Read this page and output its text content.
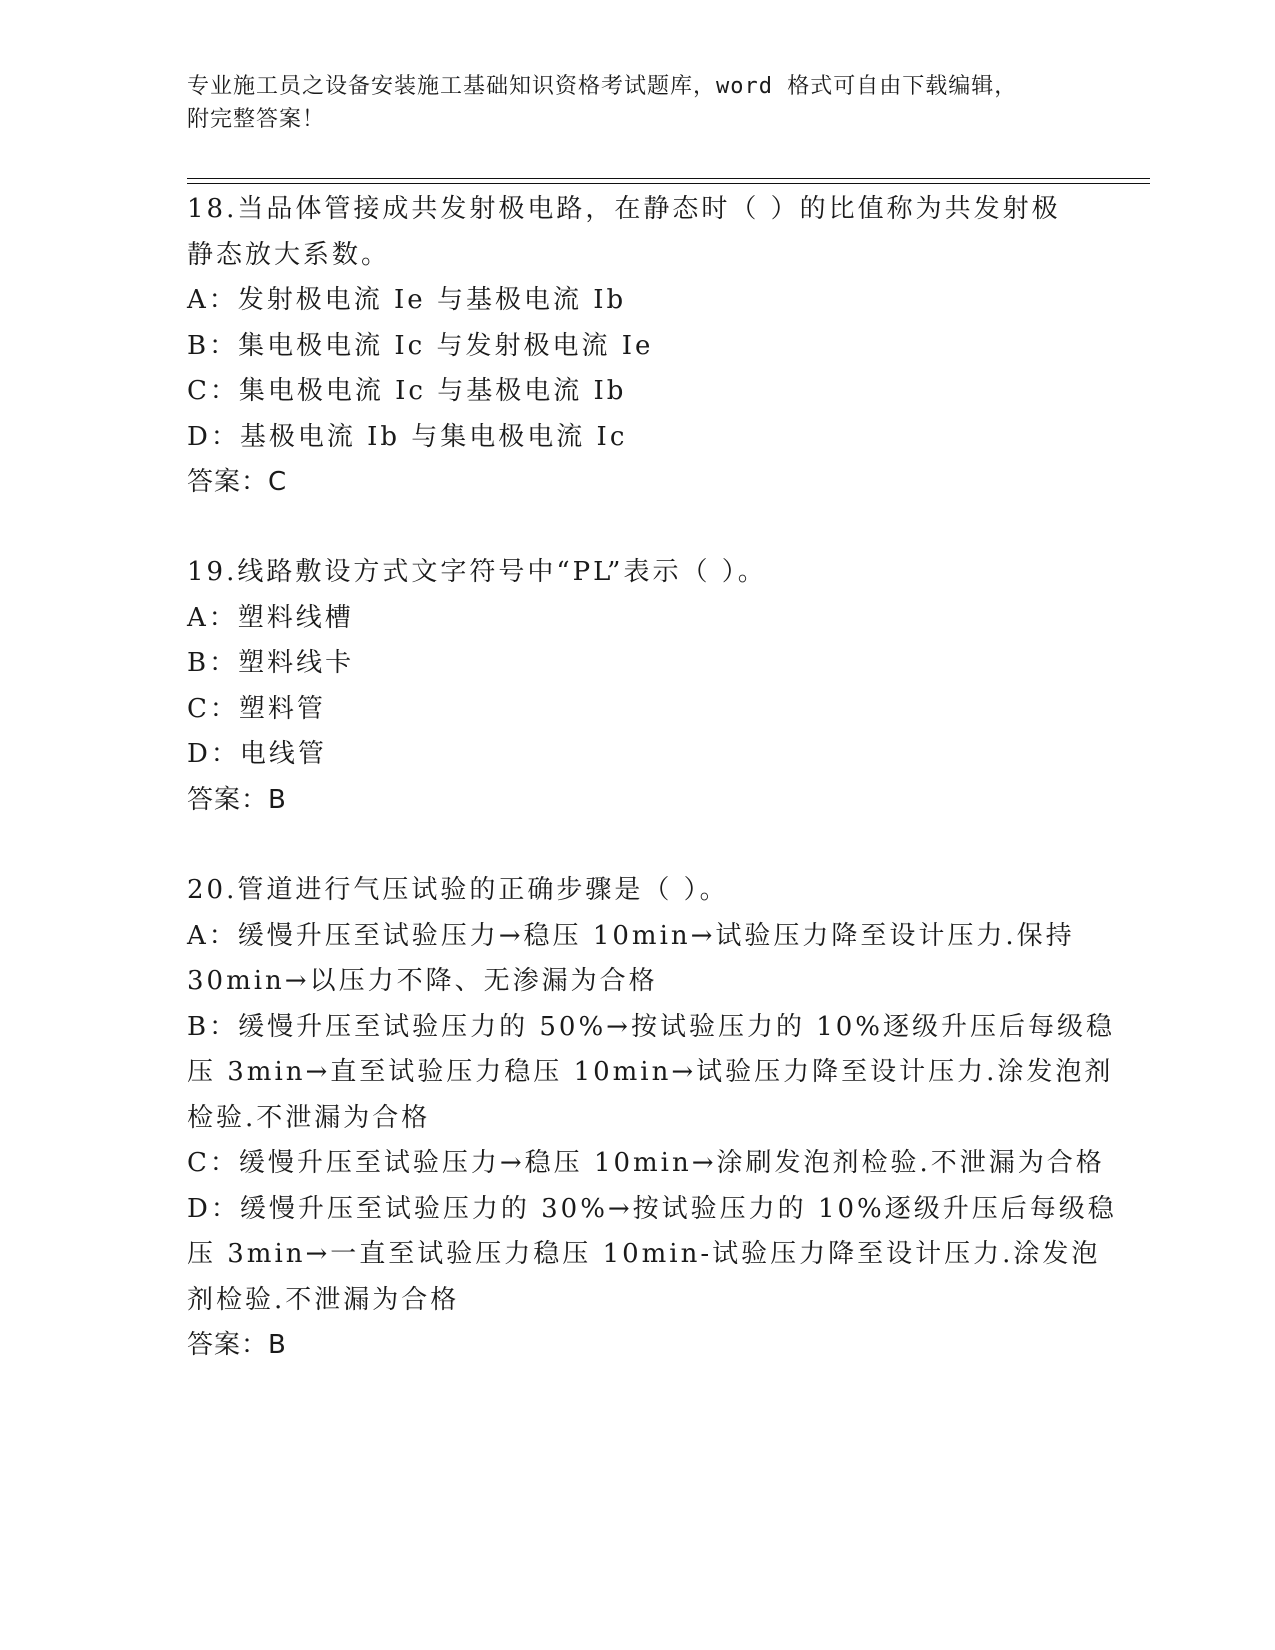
专业施工员之设备安装施工基础知识资格考试题库，word 格式可自由下载编辑，
附完整答案！
18.当品体管接成共发射极电路，在静态时（ ）的比值称为共发射极
静态放大系数。
A：发射极电流 Ie 与基极电流 Ib
B：集电极电流 Ic 与发射极电流 Ie
C：集电极电流 Ic 与基极电流 Ib
D：基极电流 Ib 与集电极电流 Ic
答案：C
19.线路敷设方式文字符号中“PL”表示（ ）。
A：塑料线槽
B：塑料线卡
C：塑料管
D：电线管
答案：B
20.管道进行气压试验的正确步骤是（ ）。
A：缓慢升压至试验压力→稳压 10min→试验压力降至设计压力.保持
30min→以压力不降、无渗漏为合格
B：缓慢升压至试验压力的 50%→按试验压力的 10%逐级升压后每级稳
压 3min→直至试验压力稳压 10min→试验压力降至设计压力.涂发泡剂
检验.不泄漏为合格
C：缓慢升压至试验压力→稳压 10min→涂刷发泡剂检验.不泄漏为合格
D：缓慢升压至试验压力的 30%→按试验压力的 10%逐级升压后每级稳
压 3min→一直至试验压力稳压 10min-试验压力降至设计压力.涂发泡
剂检验.不泄漏为合格
答案：B
